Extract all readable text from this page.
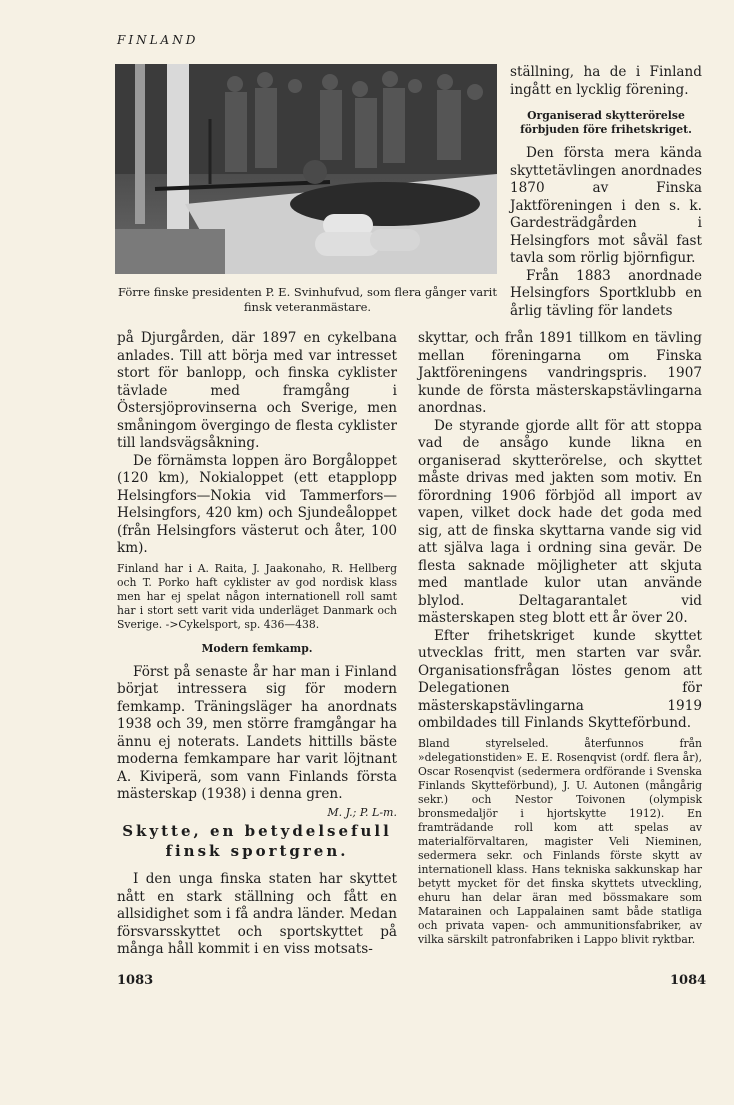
FINLAND
Förre finske presidenten P. E. Svinhufvud, som flera gånger varit finsk veteranmästare.

ställning, ha de i Finland ingått en lycklig förening.

Organiserad skytterörelse förbjuden före frihetskriget.

Den första mera kända skyttetävlingen anordnades 1870 av Finska Jaktföreningen i den s. k. Gardesträdgården i Helsingfors mot såväl fast tavla som rörlig björnfigur.

Från 1883 anordnade Helsingfors Sportklubb en årlig tävling för landets

på Djurgården, där 1897 en cykelbana anlades. Till att börja med var intresset stort för banlopp, och finska cyklister tävlade med framgång i Östersjöprovinserna och Sverige, men småningom övergingo de flesta cyklister till landsvägsåkning.

De förnämsta loppen äro Borgåloppet (120 km), Nokialoppet (ett etapplopp Helsingfors—Nokia vid Tammerfors—Helsingfors, 420 km) och Sjundeåloppet (från Helsingfors västerut och åter, 100 km).

Finland har i A. Raita, J. Jaakonaho, R. Hellberg och T. Porko haft cyklister av god nordisk klass men har ej spelat någon internationell roll samt har i stort sett varit vida underläget Danmark och Sverige. ->Cykelsport, sp. 436—438.

Modern femkamp.

Först på senaste år har man i Finland börjat intressera sig för modern femkamp. Träningsläger ha anordnats 1938 och 39, men större framgångar ha ännu ej noterats. Landets hittills bäste moderna femkampare har varit löjtnant A. Kiviperä, som vann Finlands första mästerskap (1938) i denna gren.
M. J.; P. L-m.

Skytte, en betydelsefull finsk sportgren.

I den unga finska staten har skyttet nått en stark ställning och fått en allsidighet som i få andra länder. Medan försvarsskyttet och sportskyttet på många håll kommit i en viss motsats-

skyttar, och från 1891 tillkom en tävling mellan föreningarna om Finska Jaktföreningens vandringspris. 1907 kunde de första mästerskapstävlingarna anordnas.

De styrande gjorde allt för att stoppa vad de ansågo kunde likna en organiserad skytterörelse, och skyttet måste drivas med jakten som motiv. En förordning 1906 förbjöd all import av vapen, vilket dock hade det goda med sig, att de finska skyttarna vande sig vid att själva laga i ordning sina gevär. De flesta saknade möjligheter att skjuta med mantlade kulor utan använde blylod. Deltagarantalet vid mästerskapen steg blott ett år över 20.

Efter frihetskriget kunde skyttet utvecklas fritt, men starten var svår. Organisationsfrågan löstes genom att Delegationen för mästerskapstävlingarna 1919 ombildades till Finlands Skytteförbund.

Bland styrelseled. återfunnos från »delegationstiden» E. E. Rosenqvist (ordf. flera år), Oscar Rosenqvist (sedermera ordförande i Svenska Finlands Skytteförbund), J. U. Autonen (mångårig sekr.) och Nestor Toivonen (olympisk bronsmedaljör i hjortskytte 1912). En framträdande roll kom att spelas av materialförvaltaren, magister Veli Nieminen, sedermera sekr. och Finlands förste skytt av internationell klass. Hans tekniska sakkunskap har betytt mycket för det finska skyttets utveckling, ehuru han delar äran med bössmakare som Matarainen och Lappalainen samt både statliga och privata vapen- och ammunitionsfabriker, av vilka särskilt patronfabriken i Lappo blivit ryktbar.

1083	1084
